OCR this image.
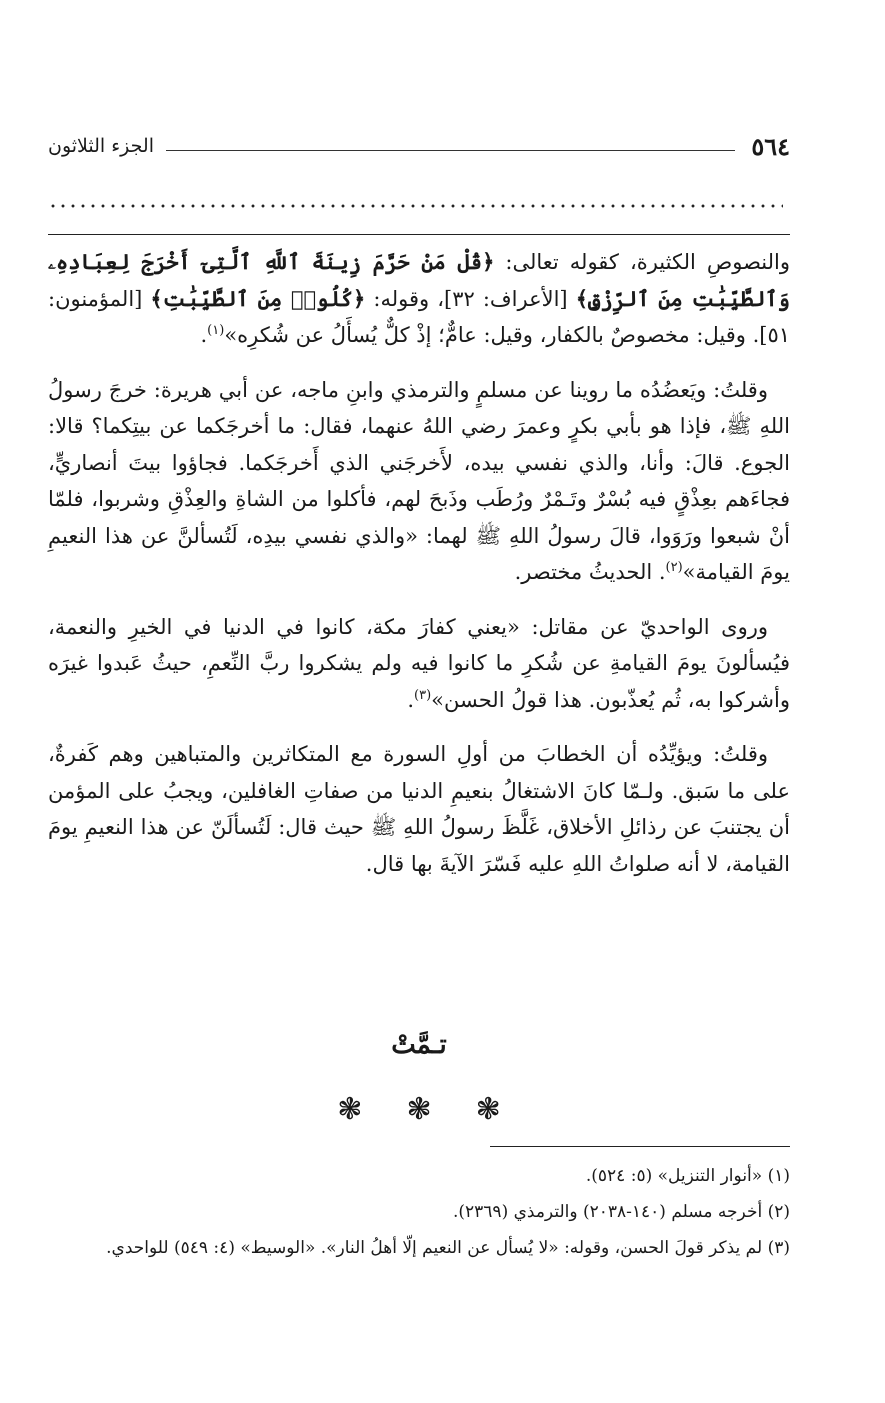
٥٦٤
الجزء الثلاثون

والنصوصِ الكثيرة، كقوله تعالى: ﴿قُلْ مَنْ حَرَّمَ زِينَةَ ٱللَّهِ ٱلَّتِىٓ أَخْرَجَ لِعِبَادِهِۦ وَٱلطَّيِّبَٰتِ مِنَ ٱلرِّزْقِ﴾ [الأعراف: ٣٢]، وقوله: ﴿كُلُوا۟ مِنَ ٱلطَّيِّبَٰتِ﴾ [المؤمنون: ٥١]. وقيل: مخصوصٌ بالكفار، وقيل: عامٌّ؛ إذْ كلٌّ يُسأَلُ عن شُكرِه»$^{(١)}$.

وقلتُ: ويَعضُدُه ما روينا عن مسلمٍ والترمذي وابنِ ماجه، عن أبي هريرة: خرجَ رسولُ اللهِ ﷺ، فإذا هو بأبي بكرٍ وعمرَ رضي اللهُ عنهما، فقال: ما أخرجَكما عن بيتِكما؟ قالا: الجوع. قالَ: وأنا، والذي نفسي بيده، لأَخرجَني الذي أَخرجَكما. فجاؤوا بيتَ أنصاريٍّ، فجاءَهم بعِذْقٍ فيه بُسْرٌ وتَـمْرٌ ورُطَب وذَبحَ لهم، فأكلوا من الشاةِ والعِذْقِ وشربوا، فلمّا أنْ شبعوا ورَوَوا، قالَ رسولُ اللهِ ﷺ لهما: «والذي نفسي بيدِه، لَتُسألنَّ عن هذا النعيمِ يومَ القيامة»$^{(٢)}$. الحديثُ مختصر.

وروى الواحديّ عن مقاتل: «يعني كفارَ مكة، كانوا في الدنيا في الخيرِ والنعمة، فيُسألونَ يومَ القيامةِ عن شُكرِ ما كانوا فيه ولم يشكروا ربَّ النِّعمِ، حيثُ عَبدوا غيرَه وأشركوا به، ثُم يُعذّبون. هذا قولُ الحسن»$^{(٣)}$.

وقلتُ: ويؤيِّدُه أن الخطابَ من أولِ السورة مع المتكاثرين والمتباهين وهم كَفرةٌ، على ما سَبق. ولـمّا كانَ الاشتغالُ بنعيمِ الدنيا من صفاتِ الغافلين، ويجبُ على المؤمن أن يجتنبَ عن رذائلِ الأخلاق، غَلَّظَ رسولُ اللهِ ﷺ حيث قال: لَتُسألَنّ عن هذا النعيمِ يومَ القيامة، لا أنه صلواتُ اللهِ عليه فَسّرَ الآيةَ بها قال.

تـمَّتْ
❃
❃
❃

(١) «أنوار التنزيل» (٥: ٥٢٤).

(٢) أخرجه مسلم (١٤٠-٢٠٣٨) والترمذي (٢٣٦٩).

(٣) لم يذكر قولَ الحسن، وقوله: «لا يُسأل عن النعيم إلّا أهلُ النار». «الوسيط» (٤: ٥٤٩) للواحدي.
